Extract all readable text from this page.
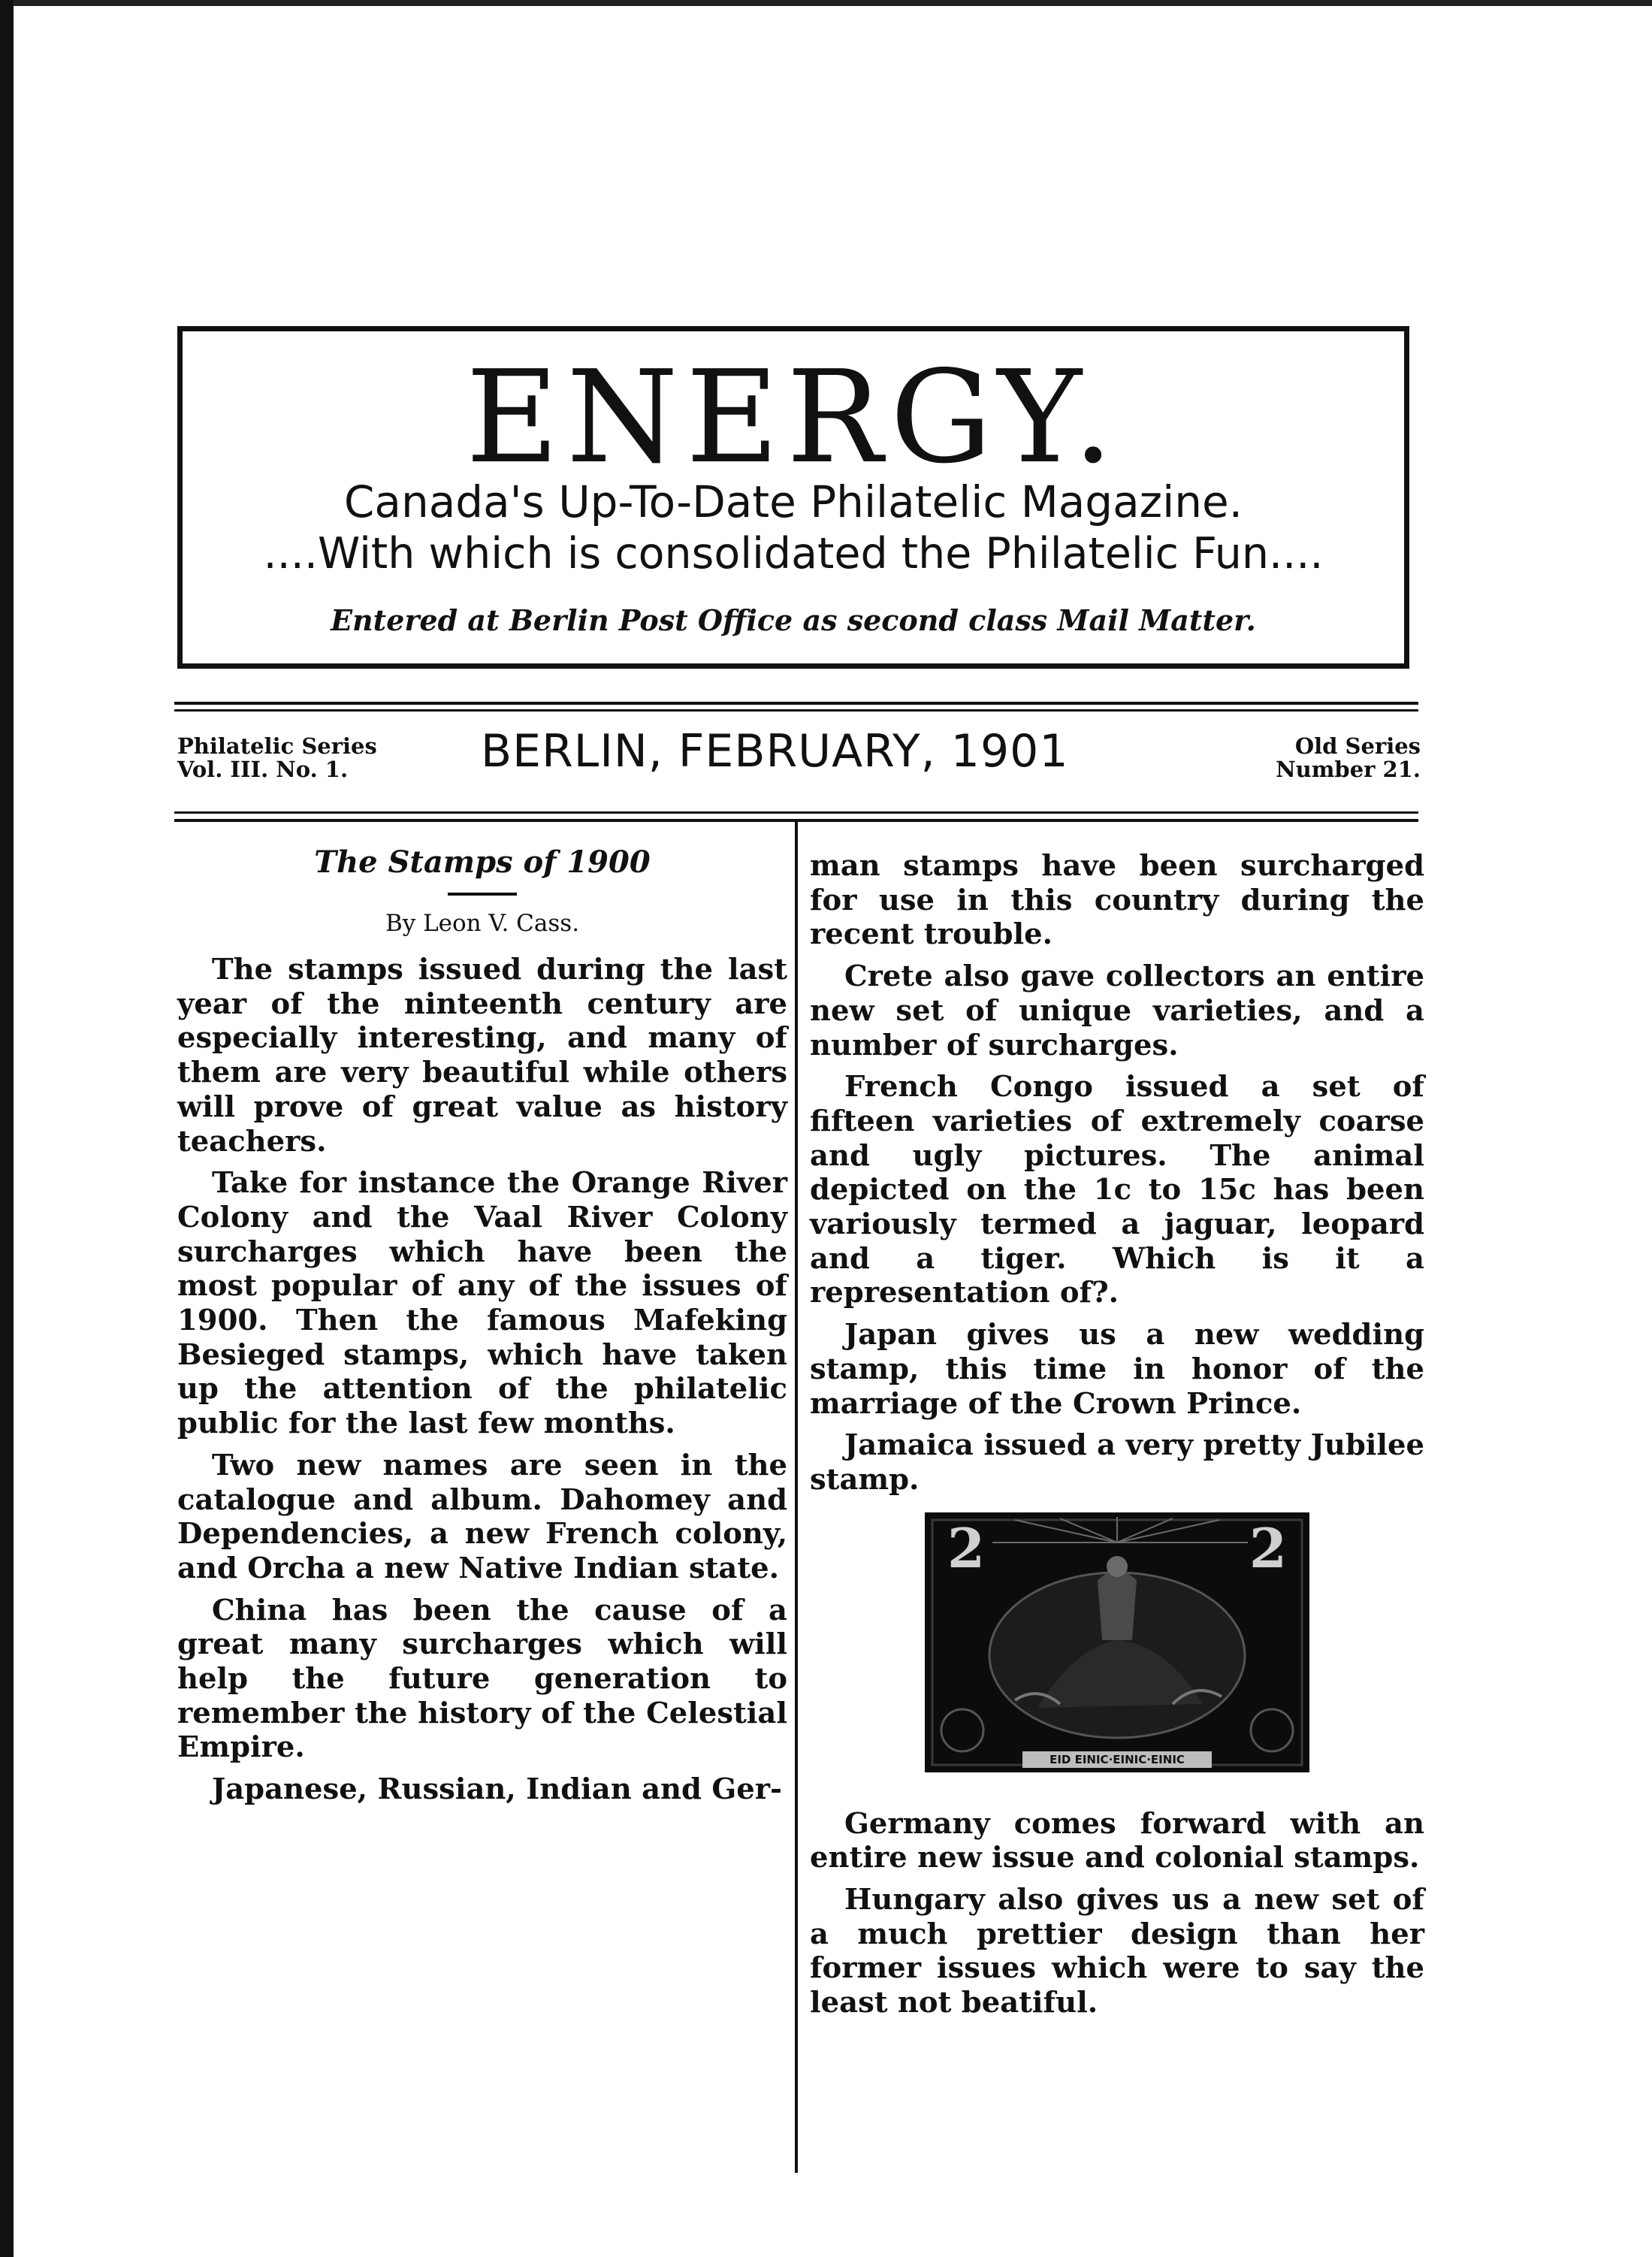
ENERGY.
Canada's Up-To-Date Philatelic Magazine.
....With which is consolidated the Philatelic Fun....
Entered at Berlin Post Office as second class Mail Matter.
Philatelic Series
Vol. III. No. 1.	BERLIN, FEBRUARY, 1901	Old Series
Number 21.
The Stamps of 1900
By Leon V. Cass.

The stamps issued during the last year of the ninteenth century are especially interesting, and many of them are very beautiful while others will prove of great value as history teachers.

Take for instance the Orange River Colony and the Vaal River Colony surcharges which have been the most popular of any of the issues of 1900. Then the famous Mafeking Besieged stamps, which have taken up the attention of the philatelic public for the last few months.

Two new names are seen in the catalogue and album. Dahomey and Dependencies, a new French colony, and Orcha a new Native Indian state.

China has been the cause of a great many surcharges which will help the future generation to remember the history of the Celestial Empire.

Japanese, Russian, Indian and Ger-

man stamps have been surcharged for use in this country during the recent trouble.

Crete also gave collectors an entire new set of unique varieties, and a number of surcharges.

French Congo issued a set of fifteen varieties of extremely coarse and ugly pictures. The animal depicted on the 1c to 15c has been variously termed a jaguar, leopard and a tiger. Which is it a representation of?.

Japan gives us a new wedding stamp, this time in honor of the marriage of the Crown Prince.

Jamaica issued a very pretty Jubilee stamp.

2	2
EID EINIC·EINIC·EINIC

Germany comes forward with an entire new issue and colonial stamps.

Hungary also gives us a new set of a much prettier design than her former issues which were to say the least not beatiful.
